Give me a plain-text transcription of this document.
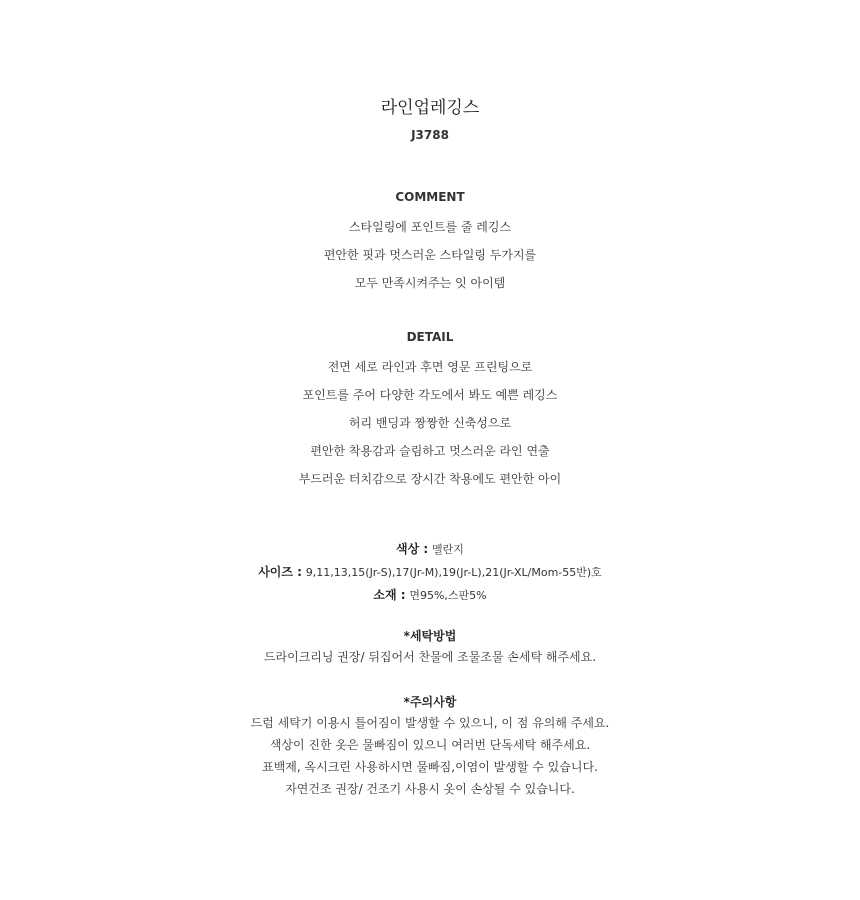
라인업레깅스
J3788
COMMENT
스타일링에 포인트를 줄 레깅스
편안한 핏과 멋스러운 스타일링 두가지를
모두 만족시켜주는 잇 아이템
DETAIL
전면 세로 라인과 후면 영문 프린팅으로
포인트를 주어 다양한 각도에서 봐도 예쁜 레깅스
허리 밴딩과 짱짱한 신축성으로
편안한 착용감과 슬림하고 멋스러운 라인 연출
부드러운 터치감으로 장시간 착용에도 편안한 아이
색상 : 멜란지
사이즈 : 9,11,13,15(Jr-S),17(Jr-M),19(Jr-L),21(Jr-XL/Mom-55반)호
소재 : 면95%,스판5%
*세탁방법
드라이크리닝 권장/ 뒤집어서 찬물에 조물조물 손세탁 해주세요.
*주의사항
드럼 세탁기 이용시 틀어짐이 발생할 수 있으니, 이 점 유의해 주세요.
색상이 진한 옷은 물빠짐이 있으니 여러번 단독세탁 해주세요.
표백제, 옥시크린 사용하시면 물빠짐,이염이 발생할 수 있습니다.
자연건조 권장/ 건조기 사용시 옷이 손상될 수 있습니다.
